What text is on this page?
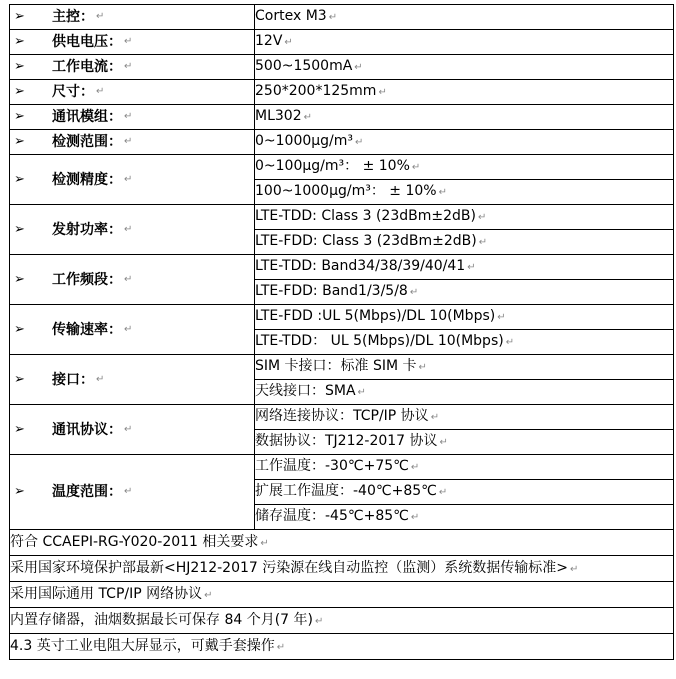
➢ 主控： ↵	Cortex M3 ↵

➢ 供电电压： ↵	12V ↵

➢ 工作电流： ↵	500~1500mA ↵

➢ 尺寸： ↵	250*200*125mm ↵

➢ 通讯模组： ↵	ML302 ↵

➢ 检测范围： ↵	0~1000μg/m³ ↵

➢ 检测精度： ↵	0~100μg/m³： ± 10% ↵
	100~1000μg/m³： ± 10% ↵

➢ 发射功率： ↵	LTE-TDD: Class 3 (23dBm±2dB) ↵
	LTE-FDD: Class 3 (23dBm±2dB) ↵

➢ 工作频段： ↵	LTE-TDD: Band34/38/39/40/41 ↵
	LTE-FDD: Band1/3/5/8 ↵

➢ 传输速率： ↵	LTE-FDD :UL 5(Mbps)/DL 10(Mbps) ↵
	LTE-TDD： UL 5(Mbps)/DL 10(Mbps) ↵

➢ 接口： ↵	SIM 卡接口：标准 SIM 卡 ↵
	天线接口：SMA ↵

➢ 通讯协议： ↵	网络连接协议：TCP/IP 协议 ↵
	数据协议：TJ212-2017 协议 ↵

➢ 温度范围： ↵	工作温度：-30℃+75℃ ↵
	扩展工作温度：-40℃+85℃ ↵
	储存温度：-45℃+85℃ ↵
符合 CCAEPI-RG-Y020-2011 相关要求 ↵	
采用国家环境保护部最新<HJ212-2017 污染源在线自动监控（监测）系统数据传输标准> ↵	
采用国际通用 TCP/IP 网络协议 ↵	
内置存储器，油烟数据最长可保存 84 个月(7 年) ↵	
4.3 英寸工业电阻大屏显示，可戴手套操作 ↵	
